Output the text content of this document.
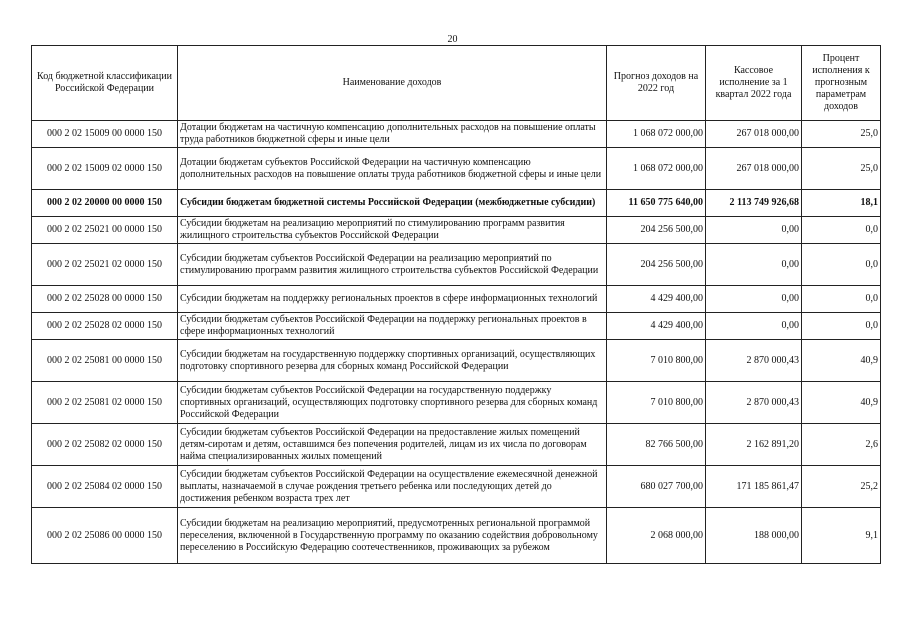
20
Код бюджетной классификации Российской Федерации	Наименование доходов	Прогноз доходов на 2022 год	Кассовое исполнение за 1 квартал 2022 года	Процент исполнения к прогнозным параметрам доходов
000 2 02 15009 00 0000 150	Дотации бюджетам на частичную компенсацию дополнительных расходов на повышение оплаты труда работников бюджетной сферы и иные цели	1 068 072 000,00	267 018 000,00	25,0
000 2 02 15009 02 0000 150	Дотации бюджетам субъектов Российской Федерации на частичную компенсацию дополнительных расходов на повышение оплаты труда работников бюджетной сферы и иные цели	1 068 072 000,00	267 018 000,00	25,0
000 2 02 20000 00 0000 150	Субсидии бюджетам бюджетной системы Российской Федерации (межбюджетные субсидии)	11 650 775 640,00	2 113 749 926,68	18,1
000 2 02 25021 00 0000 150	Субсидии бюджетам на реализацию мероприятий по стимулированию программ развития жилищного строительства субъектов Российской Федерации	204 256 500,00	0,00	0,0
000 2 02 25021 02 0000 150	Субсидии бюджетам субъектов Российской Федерации на реализацию мероприятий по стимулированию программ развития жилищного строительства субъектов Российской Федерации	204 256 500,00	0,00	0,0
000 2 02 25028 00 0000 150	Субсидии бюджетам на поддержку региональных проектов в сфере информационных технологий	4 429 400,00	0,00	0,0
000 2 02 25028 02 0000 150	Субсидии бюджетам субъектов Российской Федерации на поддержку региональных проектов в сфере информационных технологий	4 429 400,00	0,00	0,0
000 2 02 25081 00 0000 150	Субсидии бюджетам на государственную поддержку спортивных организаций, осуществляющих подготовку спортивного резерва для сборных команд Российской Федерации	7 010 800,00	2 870 000,43	40,9
000 2 02 25081 02 0000 150	Субсидии бюджетам субъектов Российской Федерации на государственную поддержку спортивных организаций, осуществляющих подготовку спортивного резерва для сборных команд Российской Федерации	7 010 800,00	2 870 000,43	40,9
000 2 02 25082 02 0000 150	Субсидии бюджетам субъектов Российской Федерации на предоставление жилых помещений детям-сиротам и детям, оставшимся без попечения родителей, лицам из их числа по договорам найма специализированных жилых помещений	82 766 500,00	2 162 891,20	2,6
000 2 02 25084 02 0000 150	Субсидии бюджетам субъектов Российской Федерации на осуществление ежемесячной денежной выплаты, назначаемой в случае рождения третьего ребенка или последующих детей до достижения ребенком возраста трех лет	680 027 700,00	171 185 861,47	25,2
000 2 02 25086 00 0000 150	Субсидии бюджетам на реализацию мероприятий, предусмотренных региональной программой переселения, включенной в Государственную программу по оказанию содействия добровольному переселению в Российскую Федерацию соотечественников, проживающих за рубежом	2 068 000,00	188 000,00	9,1
